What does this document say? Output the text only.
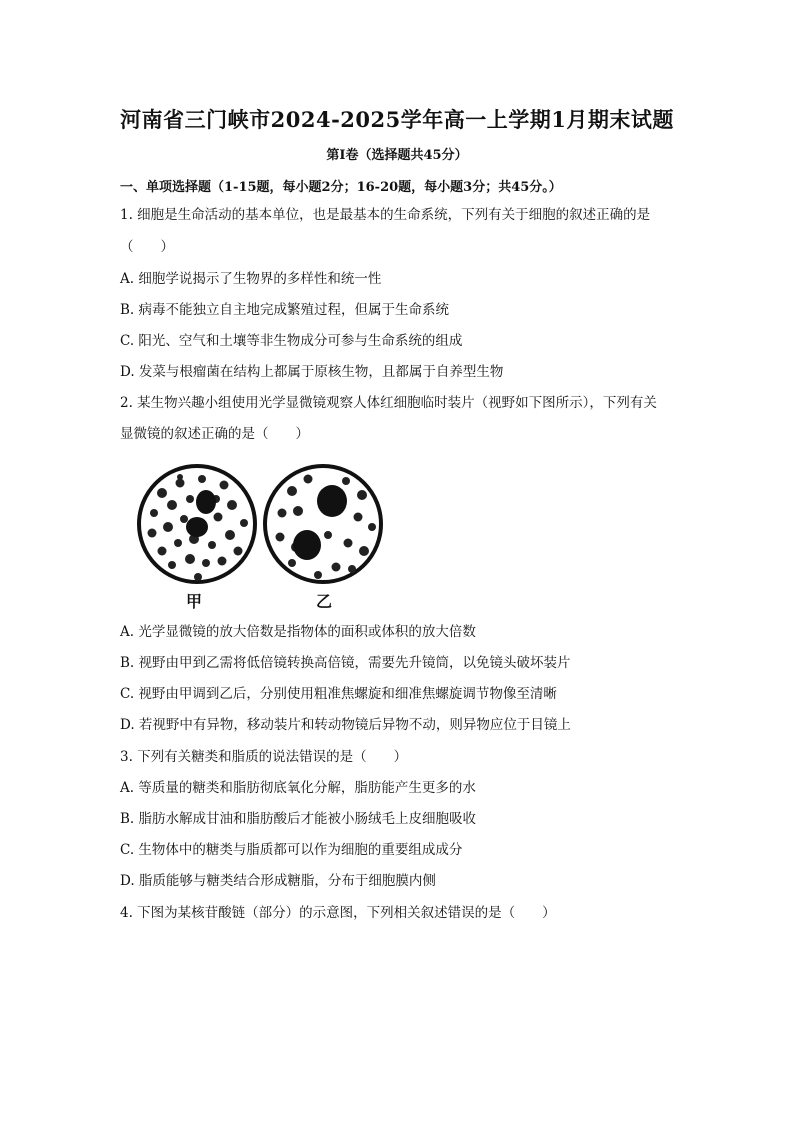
河南省三门峡市2024-2025学年高一上学期1月期末试题
第Ⅰ卷（选择题共45分）
一、单项选择题（1-15题，每小题2分；16-20题，每小题3分；共45分。）
1. 细胞是生命活动的基本单位，也是最基本的生命系统，下列有关于细胞的叙述正确的是
（　　）
A. 细胞学说揭示了生物界的多样性和统一性
B. 病毒不能独立自主地完成繁殖过程，但属于生命系统
C. 阳光、空气和土壤等非生物成分可参与生命系统的组成
D. 发菜与根瘤菌在结构上都属于原核生物，且都属于自养型生物
2. 某生物兴趣小组使用光学显微镜观察人体红细胞临时装片（视野如下图所示），下列有关
显微镜的叙述正确的是（　　）
甲	乙
A. 光学显微镜的放大倍数是指物体的面积或体积的放大倍数
B. 视野由甲到乙需将低倍镜转换高倍镜，需要先升镜筒，以免镜头破坏装片
C. 视野由甲调到乙后，分别使用粗准焦螺旋和细准焦螺旋调节物像至清晰
D. 若视野中有异物，移动装片和转动物镜后异物不动，则异物应位于目镜上
3. 下列有关糖类和脂质的说法错误的是（　　）
A. 等质量的糖类和脂肪彻底氧化分解，脂肪能产生更多的水
B. 脂肪水解成甘油和脂肪酸后才能被小肠绒毛上皮细胞吸收
C. 生物体中的糖类与脂质都可以作为细胞的重要组成成分
D. 脂质能够与糖类结合形成糖脂，分布于细胞膜内侧
4. 下图为某核苷酸链（部分）的示意图，下列相关叙述错误的是（　　）
